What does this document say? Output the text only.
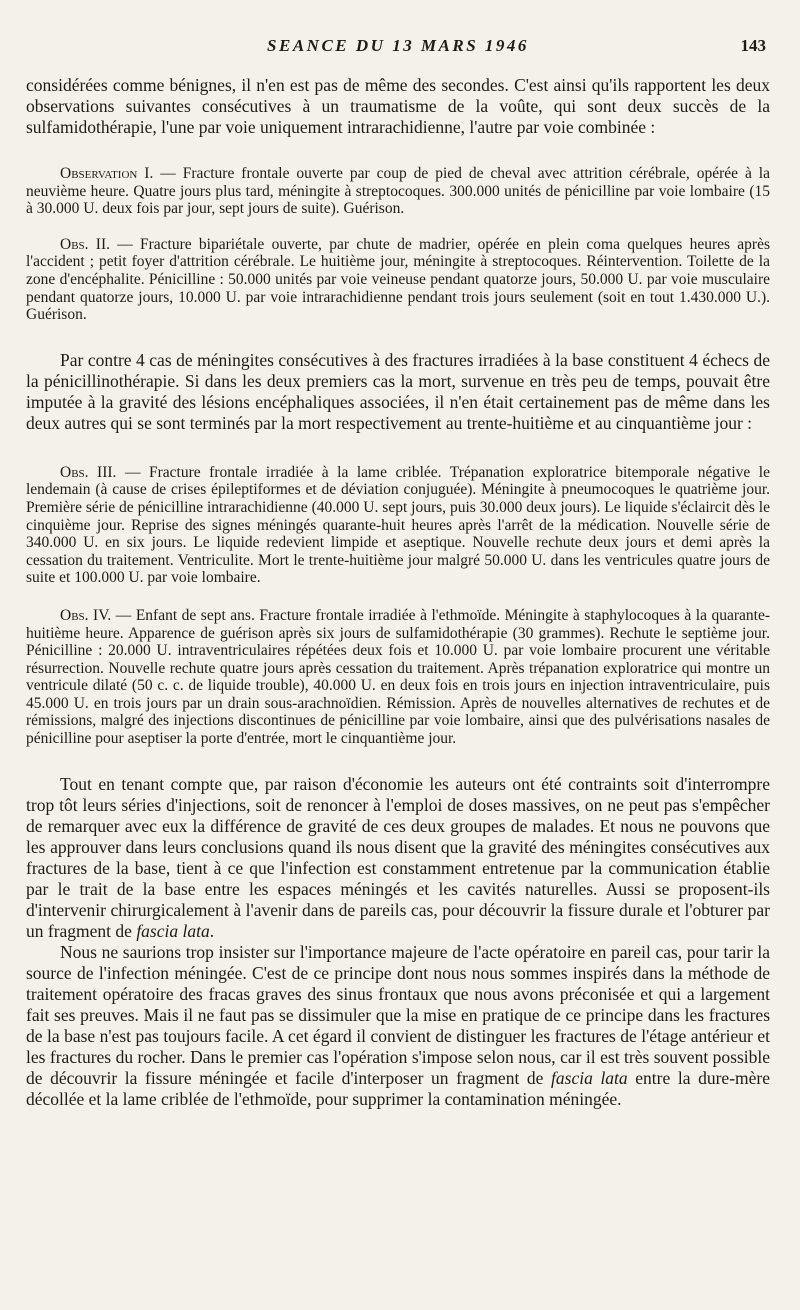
SEANCE DU 13 MARS 1946	143

considérées comme bénignes, il n'en est pas de même des secondes. C'est ainsi qu'ils rapportent les deux observations suivantes consécutives à un traumatisme de la voûte, qui sont deux succès de la sulfamidothérapie, l'une par voie uniquement intrarachidienne, l'autre par voie combinée :

Observation I. — Fracture frontale ouverte par coup de pied de cheval avec attrition cérébrale, opérée à la neuvième heure. Quatre jours plus tard, méningite à streptocoques. 300.000 unités de pénicilline par voie lombaire (15 à 30.000 U. deux fois par jour, sept jours de suite). Guérison.

Obs. II. — Fracture bipariétale ouverte, par chute de madrier, opérée en plein coma quelques heures après l'accident ; petit foyer d'attrition cérébrale. Le huitième jour, méningite à streptocoques. Réintervention. Toilette de la zone d'encéphalite. Pénicilline : 50.000 unités par voie veineuse pendant quatorze jours, 50.000 U. par voie musculaire pendant quatorze jours, 10.000 U. par voie intrarachidienne pendant trois jours seulement (soit en tout 1.430.000 U.). Guérison.

Par contre 4 cas de méningites consécutives à des fractures irradiées à la base constituent 4 échecs de la pénicillinothérapie. Si dans les deux premiers cas la mort, survenue en très peu de temps, pouvait être imputée à la gravité des lésions encéphaliques associées, il n'en était certainement pas de même dans les deux autres qui se sont terminés par la mort respectivement au trente-huitième et au cinquantième jour :

Obs. III. — Fracture frontale irradiée à la lame criblée. Trépanation exploratrice bitemporale négative le lendemain (à cause de crises épileptiformes et de déviation conjuguée). Méningite à pneumocoques le quatrième jour. Première série de pénicilline intrarachidienne (40.000 U. sept jours, puis 30.000 deux jours). Le liquide s'éclaircit dès le cinquième jour. Reprise des signes méningés quarante-huit heures après l'arrêt de la médication. Nouvelle série de 340.000 U. en six jours. Le liquide redevient limpide et aseptique. Nouvelle rechute deux jours et demi après la cessation du traitement. Ventriculite. Mort le trente-huitième jour malgré 50.000 U. dans les ventricules quatre jours de suite et 100.000 U. par voie lombaire.

Obs. IV. — Enfant de sept ans. Fracture frontale irradiée à l'ethmoïde. Méningite à staphylocoques à la quarante-huitième heure. Apparence de guérison après six jours de sulfamidothérapie (30 grammes). Rechute le septième jour. Pénicilline : 20.000 U. intraventriculaires répétées deux fois et 10.000 U. par voie lombaire procurent une véritable résurrection. Nouvelle rechute quatre jours après cessation du traitement. Après trépanation exploratrice qui montre un ventricule dilaté (50 c. c. de liquide trouble), 40.000 U. en deux fois en trois jours en injection intraventriculaire, puis 45.000 U. en trois jours par un drain sous-arachnoïdien. Rémission. Après de nouvelles alternatives de rechutes et de rémissions, malgré des injections discontinues de pénicilline par voie lombaire, ainsi que des pulvérisations nasales de pénicilline pour aseptiser la porte d'entrée, mort le cinquantième jour.

Tout en tenant compte que, par raison d'économie les auteurs ont été contraints soit d'interrompre trop tôt leurs séries d'injections, soit de renoncer à l'emploi de doses massives, on ne peut pas s'empêcher de remarquer avec eux la différence de gravité de ces deux groupes de malades. Et nous ne pouvons que les approuver dans leurs conclusions quand ils nous disent que la gravité des méningites consécutives aux fractures de la base, tient à ce que l'infection est constamment entretenue par la communication établie par le trait de la base entre les espaces méningés et les cavités naturelles. Aussi se proposent-ils d'intervenir chirurgicalement à l'avenir dans de pareils cas, pour découvrir la fissure durale et l'obturer par un fragment de fascia lata.

Nous ne saurions trop insister sur l'importance majeure de l'acte opératoire en pareil cas, pour tarir la source de l'infection méningée. C'est de ce principe dont nous nous sommes inspirés dans la méthode de traitement opératoire des fracas graves des sinus frontaux que nous avons préconisée et qui a largement fait ses preuves. Mais il ne faut pas se dissimuler que la mise en pratique de ce principe dans les fractures de la base n'est pas toujours facile. A cet égard il convient de distinguer les fractures de l'étage antérieur et les fractures du rocher. Dans le premier cas l'opération s'impose selon nous, car il est très souvent possible de découvrir la fissure méningée et facile d'interposer un fragment de fascia lata entre la dure-mère décollée et la lame criblée de l'ethmoïde, pour supprimer la contamination méningée.
